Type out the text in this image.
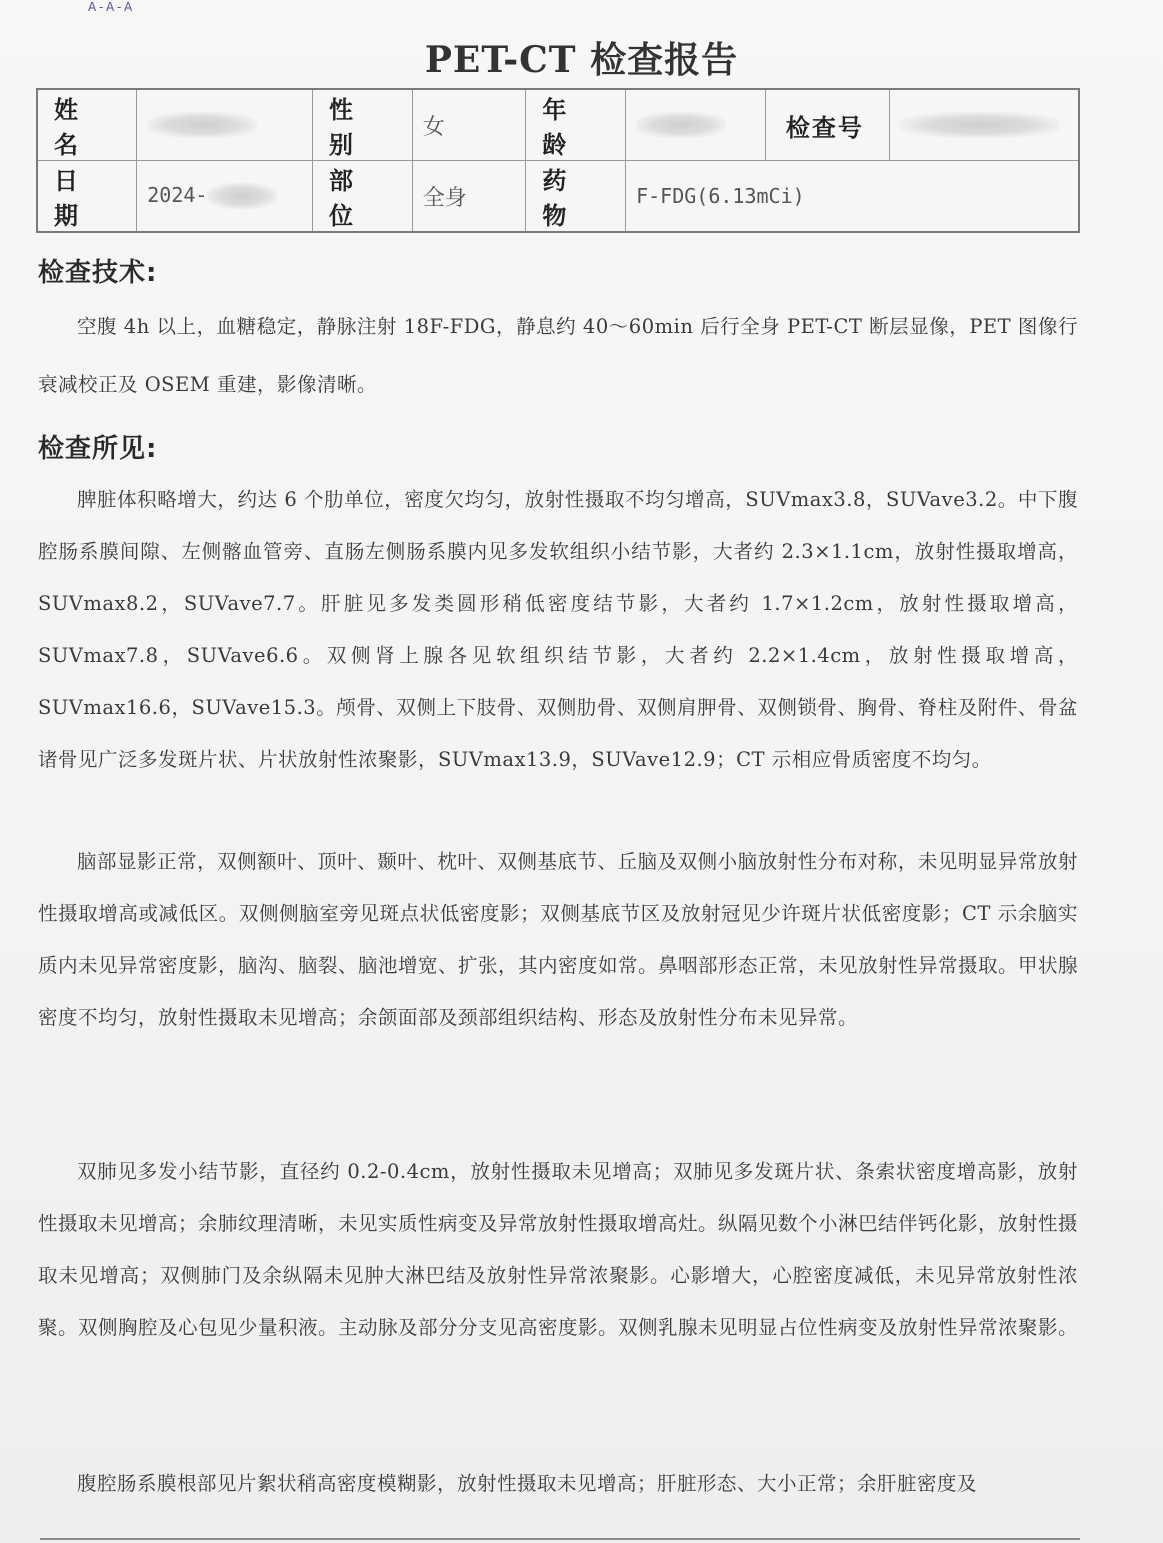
A-A-A
PET-CT 检查报告
姓 名		性 别	女	年 龄		检查号	
日 期	2024-	部 位	全身	药 物	F-FDG(6.13mCi)		
检查技术:
空腹 4h 以上，血糖稳定，静脉注射 18F-FDG，静息约 40～60min 后行全身 PET-CT 断层显像，PET 图像行衰减校正及 OSEM 重建，影像清晰。
检查所见:
脾脏体积略增大，约达 6 个肋单位，密度欠均匀，放射性摄取不均匀增高，SUVmax3.8，SUVave3.2。中下腹腔肠系膜间隙、左侧髂血管旁、直肠左侧肠系膜内见多发软组织小结节影，大者约 2.3×1.1cm，放射性摄取增高，SUVmax8.2，SUVave7.7。肝脏见多发类圆形稍低密度结节影，大者约 1.7×1.2cm，放射性摄取增高，SUVmax7.8，SUVave6.6。双侧肾上腺各见软组织结节影，大者约 2.2×1.4cm，放射性摄取增高，SUVmax16.6，SUVave15.3。颅骨、双侧上下肢骨、双侧肋骨、双侧肩胛骨、双侧锁骨、胸骨、脊柱及附件、骨盆诸骨见广泛多发斑片状、片状放射性浓聚影，SUVmax13.9，SUVave12.9；CT 示相应骨质密度不均匀。
脑部显影正常，双侧额叶、顶叶、颞叶、枕叶、双侧基底节、丘脑及双侧小脑放射性分布对称，未见明显异常放射性摄取增高或减低区。双侧侧脑室旁见斑点状低密度影；双侧基底节区及放射冠见少许斑片状低密度影；CT 示余脑实质内未见异常密度影，脑沟、脑裂、脑池增宽、扩张，其内密度如常。鼻咽部形态正常，未见放射性异常摄取。甲状腺密度不均匀，放射性摄取未见增高；余颌面部及颈部组织结构、形态及放射性分布未见异常。
双肺见多发小结节影，直径约 0.2-0.4cm，放射性摄取未见增高；双肺见多发斑片状、条索状密度增高影，放射性摄取未见增高；余肺纹理清晰，未见实质性病变及异常放射性摄取增高灶。纵隔见数个小淋巴结伴钙化影，放射性摄取未见增高；双侧肺门及余纵隔未见肿大淋巴结及放射性异常浓聚影。心影增大，心腔密度减低，未见异常放射性浓聚。双侧胸腔及心包见少量积液。主动脉及部分分支见高密度影。双侧乳腺未见明显占位性病变及放射性异常浓聚影。
腹腔肠系膜根部见片絮状稍高密度模糊影，放射性摄取未见增高；肝脏形态、大小正常；余肝脏密度及
